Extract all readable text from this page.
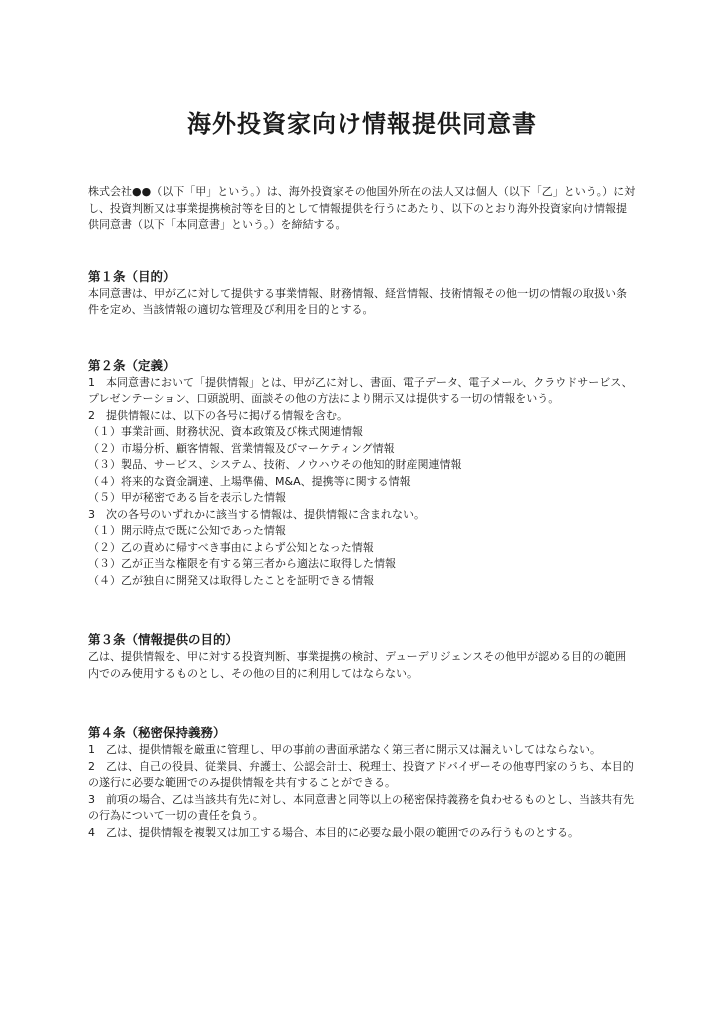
海外投資家向け情報提供同意書

株式会社●●（以下「甲」という。）は、海外投資家その他国外所在の法人又は個人（以下「乙」という。）に対し、投資判断又は事業提携検討等を目的として情報提供を行うにあたり、以下のとおり海外投資家向け情報提供同意書（以下「本同意書」という。）を締結する。

第１条（目的）

本同意書は、甲が乙に対して提供する事業情報、財務情報、経営情報、技術情報その他一切の情報の取扱い条件を定め、当該情報の適切な管理及び利用を目的とする。

第２条（定義）

1　本同意書において「提供情報」とは、甲が乙に対し、書面、電子データ、電子メール、クラウドサービス、プレゼンテーション、口頭説明、面談その他の方法により開示又は提供する一切の情報をいう。

2　提供情報には、以下の各号に掲げる情報を含む。

（１）事業計画、財務状況、資本政策及び株式関連情報

（２）市場分析、顧客情報、営業情報及びマーケティング情報

（３）製品、サービス、システム、技術、ノウハウその他知的財産関連情報

（４）将来的な資金調達、上場準備、M&A、提携等に関する情報

（５）甲が秘密である旨を表示した情報

3　次の各号のいずれかに該当する情報は、提供情報に含まれない。

（１）開示時点で既に公知であった情報

（２）乙の責めに帰すべき事由によらず公知となった情報

（３）乙が正当な権限を有する第三者から適法に取得した情報

（４）乙が独自に開発又は取得したことを証明できる情報

第３条（情報提供の目的）

乙は、提供情報を、甲に対する投資判断、事業提携の検討、デューデリジェンスその他甲が認める目的の範囲内でのみ使用するものとし、その他の目的に利用してはならない。

第４条（秘密保持義務）

1　乙は、提供情報を厳重に管理し、甲の事前の書面承諾なく第三者に開示又は漏えいしてはならない。

2　乙は、自己の役員、従業員、弁護士、公認会計士、税理士、投資アドバイザーその他専門家のうち、本目的の遂行に必要な範囲でのみ提供情報を共有することができる。

3　前項の場合、乙は当該共有先に対し、本同意書と同等以上の秘密保持義務を負わせるものとし、当該共有先の行為について一切の責任を負う。

4　乙は、提供情報を複製又は加工する場合、本目的に必要な最小限の範囲でのみ行うものとする。
